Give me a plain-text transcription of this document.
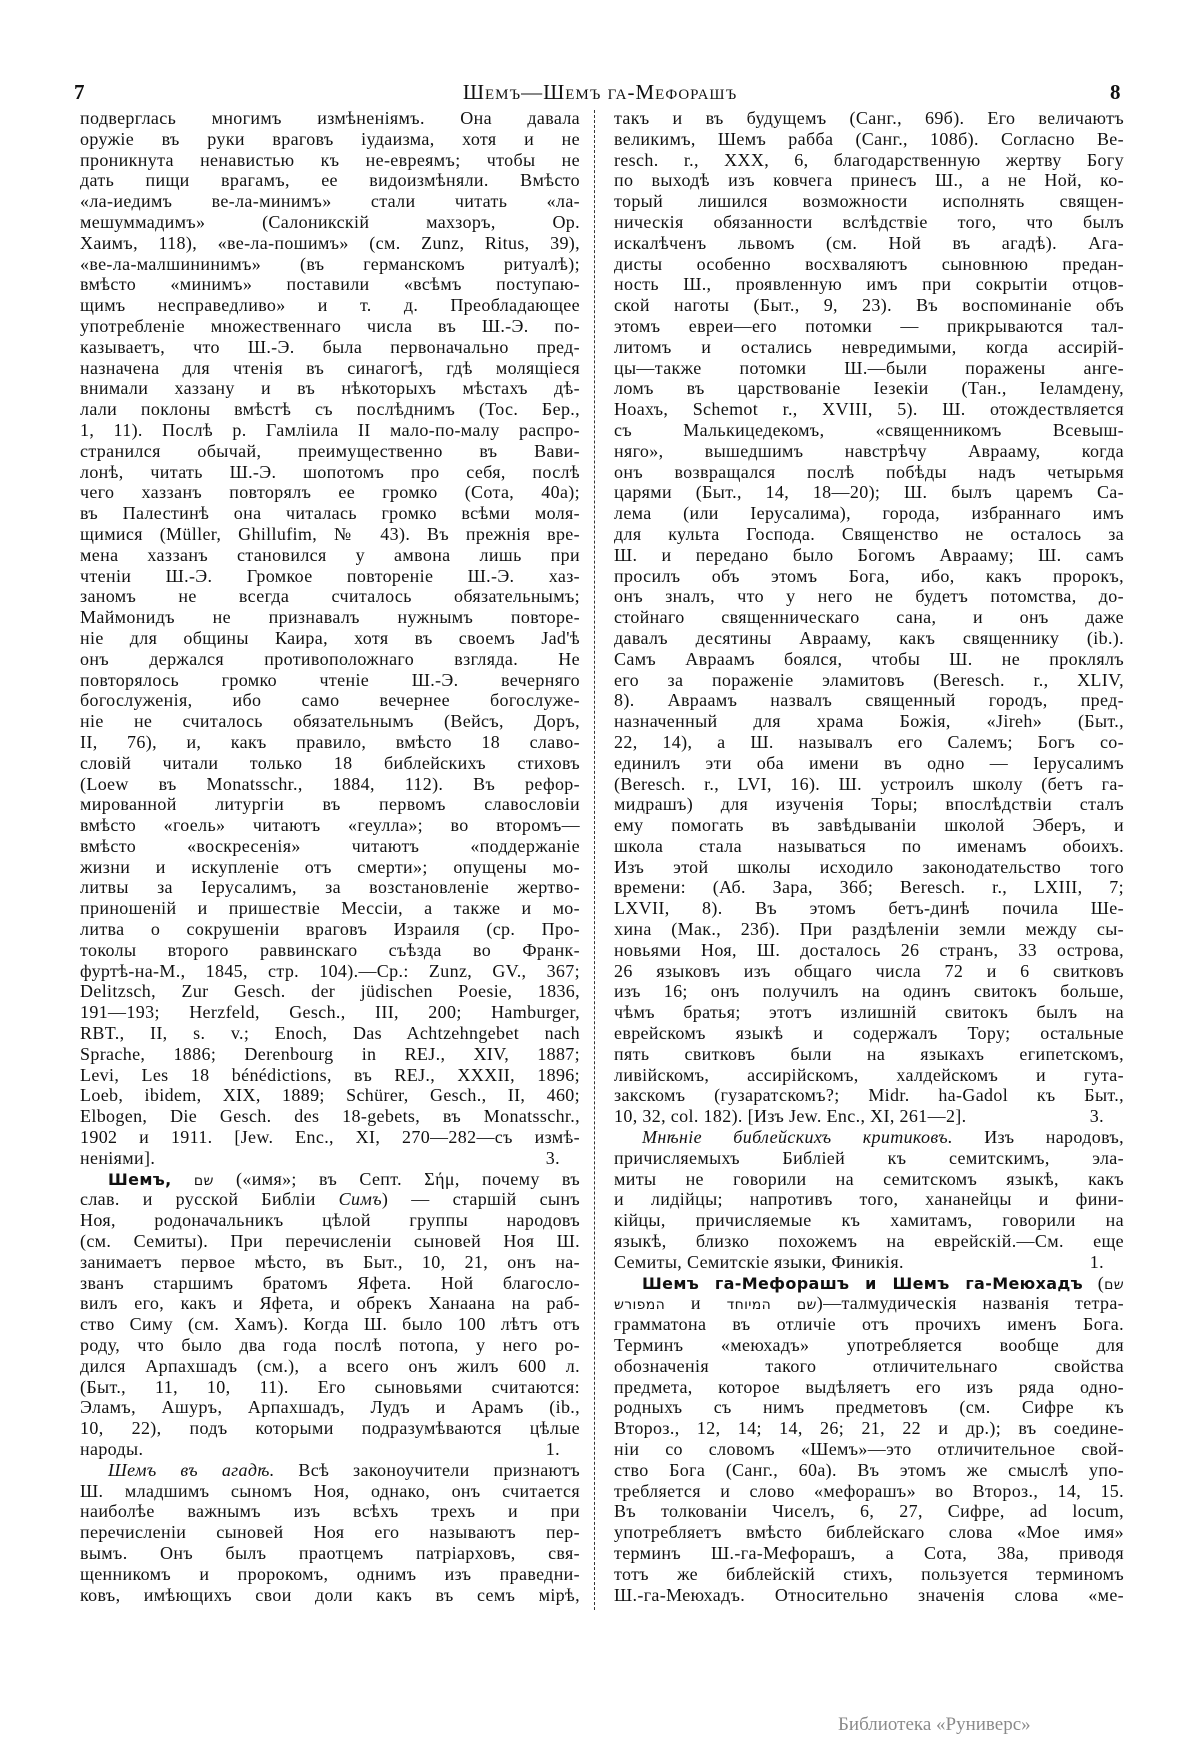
7	Шемъ—Шемъ га-Мефорашъ	8
подверглась многимъ измѣненіямъ. Она давала
оружіе въ руки враговъ іудаизма, хотя и не
проникнута ненавистью къ не-евреямъ; чтобы не
дать пищи врагамъ, ее видоизмѣняли. Вмѣсто
«ла-иедимъ ве-ла-минимъ» стали читать «ла-
мешуммадимъ» (Салоникскій махзоръ, Ор.
Хаимъ, 118), «ве-ла-пошимъ» (см. Zunz, Ritus, 39),
«ве-ла-малшининимъ» (въ германскомъ ритуалѣ);
вмѣсто «минимъ» поставили «всѣмъ поступаю-
щимъ несправедливо» и т. д. Преобладающее
употребленіе множественнаго числа въ Ш.-Э. по-
казываетъ, что Ш.-Э. была первоначально пред-
назначена для чтенія въ синагогѣ, гдѣ молящіеся
внимали хаззану и въ нѣкоторыхъ мѣстахъ дѣ-
лали поклоны вмѣстѣ съ послѣднимъ (Тос. Бер.,
1, 11). Послѣ р. Гамліила II мало-по-малу распро-
странился обычай, преимущественно въ Вави-
лонѣ, читать Ш.-Э. шопотомъ про себя, послѣ
чего хаззанъ повторялъ ее громко (Сота, 40а);
въ Палестинѣ она читалась громко всѣми моля-
щимися (Müller, Ghillufim, № 43). Въ прежнія вре-
мена хаззанъ становился у амвона лишь при
чтеніи Ш.-Э. Громкое повтореніе Ш.-Э. хаз-
заномъ не всегда считалось обязательнымъ;
Маймонидъ не признавалъ нужнымъ повторе-
ніе для общины Каира, хотя въ своемъ Jad'ѣ
онъ держался противоположнаго взгляда. Не
повторялось громко чтеніе Ш.-Э. вечерняго
богослуженія, ибо само вечернее богослуже-
ніе не считалось обязательнымъ (Вейсъ, Доръ,
II, 76), и, какъ правило, вмѣсто 18 славо-
словій читали только 18 библейскихъ стиховъ
(Loew въ Monatsschr., 1884, 112). Въ рефор-
мированной литургіи въ первомъ славословіи
вмѣсто «гоель» читаютъ «геулла»; во второмъ—
вмѣсто «воскресенія» читаютъ «поддержаніе
жизни и искупленіе отъ смерти»; опущены мо-
литвы за Іерусалимъ, за возстановленіе жертво-
приношеній и пришествіе Мессіи, а также и мо-
литва о сокрушеніи враговъ Израиля (ср. Про-
токолы второго раввинскаго съѣзда во Франк-
фуртѣ-на-М., 1845, стр. 104).—Ср.: Zunz, GV., 367;
Delitzsch, Zur Gesch. der jüdischen Poesie, 1836,
191—193; Herzfeld, Gesch., III, 200; Hamburger,
RBT., II, s. v.; Enoch, Das Achtzehngebet nach
Sprache, 1886; Derenbourg in REJ., XIV, 1887;
Levi, Les 18 bénédictions, въ REJ., XXXII, 1896;
Loeb, ibidem, XIX, 1889; Schürer, Gesch., II, 460;
Elbogen, Die Gesch. des 18-gebets, въ Monatsschr.,
1902 и 1911. [Jew. Enc., XI, 270—282—съ измѣ-
3.
неніями].
Шемъ, שם («имя»; въ Септ. Σήμ, почему въ
слав. и русской Библіи Симъ) — старшій сынъ
Ноя, родоначальникъ цѣлой группы народовъ
(см. Семиты). При перечисленіи сыновей Ноя Ш.
занимаетъ первое мѣсто, въ Быт., 10, 21, онъ на-
званъ старшимъ братомъ Яфета. Ной благосло-
вилъ его, какъ и Яфета, и обрекъ Ханаана на раб-
ство Симу (см. Хамъ). Когда Ш. было 100 лѣтъ отъ
роду, что было два года послѣ потопа, у него ро-
дился Арпахшадъ (см.), а всего онъ жилъ 600 л.
(Быт., 11, 10, 11). Его сыновьями считаются:
Эламъ, Ашуръ, Арпахшадъ, Лудъ и Арамъ (ib.,
10, 22), подъ которыми подразумѣваются цѣлые
1.
народы.
Шемъ въ агадѣ. Всѣ законоучители признаютъ
Ш. младшимъ сыномъ Ноя, однако, онъ считается
наиболѣе важнымъ изъ всѣхъ трехъ и при
перечисленіи сыновей Ноя его называютъ пер-
вымъ. Онъ былъ праотцемъ патріарховъ, свя-
щенникомъ и пророкомъ, однимъ изъ праведни-
ковъ, имѣющихъ свои доли какъ въ семъ мірѣ,
такъ и въ будущемъ (Санг., 69б). Его величаютъ
великимъ, Шемъ рабба (Санг., 108б). Согласно Be-
resch. r., XXX, 6, благодарственную жертву Богу
по выходѣ изъ ковчега принесъ Ш., а не Ной, ко-
торый лишился возможности исполнять священ-
ническія обязанности вслѣдствіе того, что былъ
искалѣченъ львомъ (см. Ной въ агадѣ). Ага-
дисты особенно восхваляютъ сыновнюю предан-
ность Ш., проявленную имъ при сокрытіи отцов-
ской наготы (Быт., 9, 23). Въ воспоминаніе объ
этомъ евреи—его потомки — прикрываются тал-
литомъ и остались невредимыми, когда ассирій-
цы—также потомки Ш.—были поражены анге-
ломъ въ царствованіе Іезекіи (Тан., Іеламдену,
Ноахъ, Schemot r., XVIII, 5). Ш. отождествляется
съ Малькицедекомъ, «священникомъ Всевыш-
няго», вышедшимъ навстрѣчу Аврааму, когда
онъ возвращался послѣ побѣды надъ четырьмя
царями (Быт., 14, 18—20); Ш. былъ царемъ Са-
лема (или Іерусалима), города, избраннаго имъ
для культа Господа. Священство не осталось за
Ш. и передано было Богомъ Аврааму; Ш. самъ
просилъ объ этомъ Бога, ибо, какъ пророкъ,
онъ зналъ, что у него не будетъ потомства, до-
стойнаго священническаго сана, и онъ даже
давалъ десятины Аврааму, какъ священнику (ib.).
Самъ Авраамъ боялся, чтобы Ш. не проклялъ
его за пораженіе эламитовъ (Beresch. r., XLIV,
8). Авраамъ назвалъ священный городъ, пред-
назначенный для храма Божія, «Jireh» (Быт.,
22, 14), а Ш. называлъ его Салемъ; Богъ со-
единилъ эти оба имени въ одно — Іерусалимъ
(Beresch. r., LVI, 16). Ш. устроилъ школу (бетъ га-
мидрашъ) для изученія Торы; впослѣдствіи сталъ
ему помогать въ завѣдываніи школой Эберъ, и
школа стала называться по именамъ обоихъ.
Изъ этой школы исходило законодательство того
времени: (Аб. Зара, 36б; Beresch. r., LXIII, 7;
LXVII, 8). Въ этомъ бетъ-динѣ почила Ше-
хина (Мак., 23б). При раздѣленіи земли между сы-
новьями Ноя, Ш. досталось 26 странъ, 33 острова,
26 языковъ изъ общаго числа 72 и 6 свитковъ
изъ 16; онъ получилъ на одинъ свитокъ больше,
чѣмъ братья; этотъ излишній свитокъ былъ на
еврейскомъ языкѣ и содержалъ Тору; остальные
пять свитковъ были на языкахъ египетскомъ,
ливійскомъ, ассирійскомъ, халдейскомъ и гута-
закскомъ (гузаратскомъ?; Midr. ha-Gadol къ Быт.,
3.
10, 32, col. 182). [Изъ Jew. Enc., XI, 261—2].
Мнѣніе библейскихъ критиковъ. Изъ народовъ,
причисляемыхъ Библіей къ семитскимъ, эла-
миты не говорили на семитскомъ языкѣ, какъ
и лидійцы; напротивъ того, хананейцы и фини-
кійцы, причисляемые къ хамитамъ, говорили на
языкѣ, близко похожемъ на еврейскій.—См. еще
1.
Семиты, Семитскіе языки, Финикія.
Шемъ га-Мефорашъ и Шемъ га-Меюхадъ (שם
המפורש и שם המיוחד)—талмудическія названія тетра-
грамматона въ отличіе отъ прочихъ именъ Бога.
Терминъ «меюхадъ» употребляется вообще для
обозначенія такого отличительнаго свойства
предмета, которое выдѣляетъ его изъ ряда одно-
родныхъ съ нимъ предметовъ (см. Сифре къ
Второз., 12, 14; 14, 26; 21, 22 и др.); въ соедине-
ніи со словомъ «Шемъ»—это отличительное свой-
ство Бога (Санг., 60а). Въ этомъ же смыслѣ упо-
требляется и слово «мефорашъ» во Второз., 14, 15.
Въ толкованіи Чиселъ, 6, 27, Сифре, ad locum,
употребляетъ вмѣсто библейскаго слова «Мое имя»
терминъ Ш.-га-Мефорашъ, а Сота, 38а, приводя
тотъ же библейскій стихъ, пользуется терминомъ
Ш.-га-Меюхадъ. Относительно значенія слова «ме-
Библиотека «Руниверс»
